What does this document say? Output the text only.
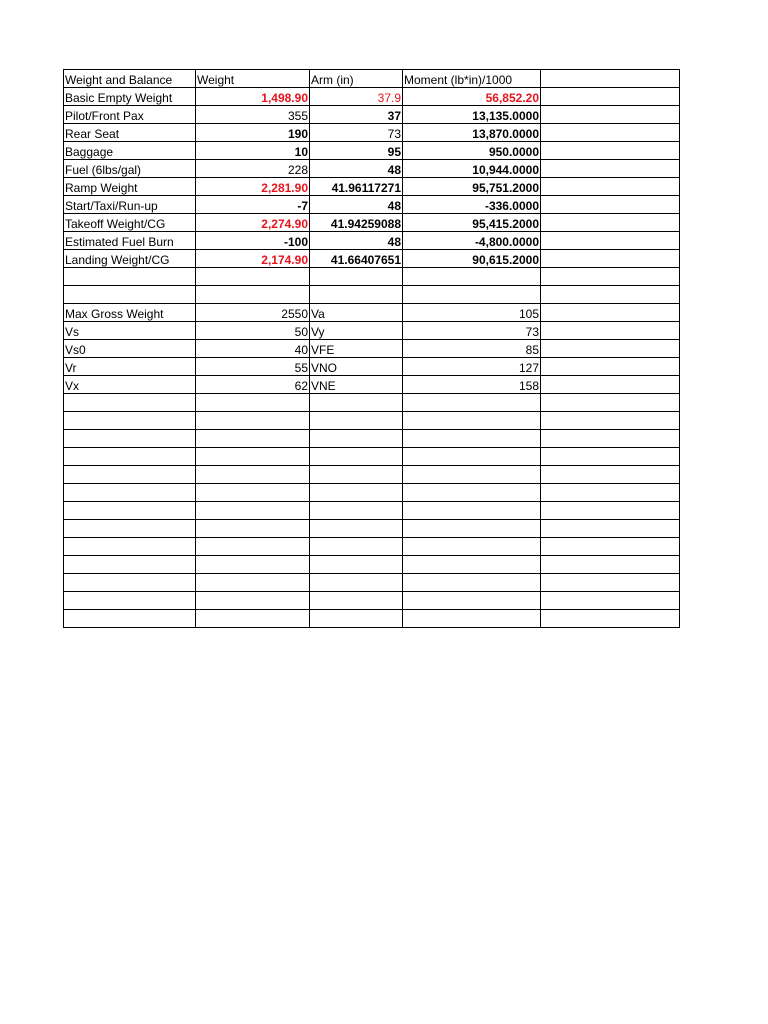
Weight and Balance	Weight	Arm (in)	Moment (lb*in)/1000	
Basic Empty Weight	1,498.90	37.9	56,852.20	
Pilot/Front Pax	355	37	13,135.0000	
Rear Seat	190	73	13,870.0000	
Baggage	10	95	950.0000	
Fuel (6lbs/gal)	228	48	10,944.0000	
Ramp Weight	2,281.90	41.96117271	95,751.2000	
Start/Taxi/Run-up	-7	48	-336.0000	
Takeoff Weight/CG	2,274.90	41.94259088	95,415.2000	
Estimated Fuel Burn	-100	48	-4,800.0000	
Landing Weight/CG	2,174.90	41.66407651	90,615.2000	

Max Gross Weight	2550	Va	105	
Vs	50	Vy	73	
Vs0	40	VFE	85	
Vr	55	VNO	127	
Vx	62	VNE	158	
